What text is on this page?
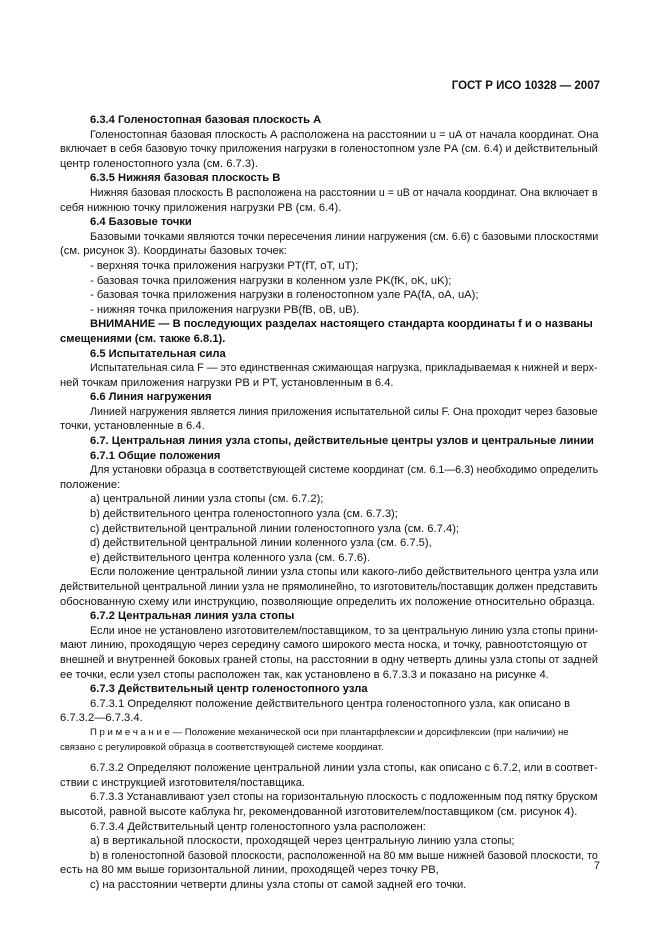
ГОСТ Р ИСО 10328 — 2007
6.3.4 Голеностопная базовая плоскость А
Голеностопная базовая плоскость А расположена на расстоянии u = uА от начала координат. Она
включает в себя базовую точку приложения нагрузки в голеностопном узле PА (см. 6.4) и действительный
центр голеностопного узла (см. 6.7.3).
6.3.5 Нижняя базовая плоскость В
Нижняя базовая плоскость В расположена на расстоянии u = uВ от начала координат. Она включает в
себя нижнюю точку приложения нагрузки PВ (см. 6.4).
6.4 Базовые точки
Базовыми точками являются точки пересечения линии нагружения (см. 6.6) с базовыми плоскостями
(см. рисунок 3). Координаты базовых точек:
- верхняя точка приложения нагрузки PT(fT, oT, uT);
- базовая точка приложения нагрузки в коленном узле PK(fK, oK, uK);
- базовая точка приложения нагрузки в голеностопном узле PA(fA, oA, uA);
- нижняя точка приложения нагрузки PB(fB, oB, uB).
ВНИМАНИЕ — В последующих разделах настоящего стандарта координаты f и o названы
смещениями (см. также 6.8.1).
6.5 Испытательная сила
Испытательная сила F — это единственная сжимающая нагрузка, прикладываемая к нижней и верх-
ней точкам приложения нагрузки PВ и PТ, установленным в 6.4.
6.6 Линия нагружения
Линией нагружения является линия приложения испытательной силы F. Она проходит через базовые
точки, установленные в 6.4.
6.7. Центральная линия узла стопы, действительные центры узлов и центральные линии
6.7.1 Общие положения
Для установки образца в соответствующей системе координат (см. 6.1—6.3) необходимо определить
положение:
a) центральной линии узла стопы (см. 6.7.2);
b) действительного центра голеностопного узла (см. 6.7.3);
c) действительной центральной линии голеностопного узла (см. 6.7.4);
d) действительной центральной линии коленного узла (см. 6.7.5),
e) действительного центра коленного узла (см. 6.7.6).
Если положение центральной линии узла стопы или какого-либо действительного центра узла или
действительной центральной линии узла не прямолинейно, то изготовитель/поставщик должен представить
обоснованную схему или инструкцию, позволяющие определить их положение относительно образца.
6.7.2 Центральная линия узла стопы
Если иное не установлено изготовителем/поставщиком, то за центральную линию узла стопы прини-
мают линию, проходящую через середину самого широкого места носка, и точку, равноотстоящую от
внешней и внутренней боковых граней стопы, на расстоянии в одну четверть длины узла стопы от задней
ее точки, если узел стопы расположен так, как установлено в 6.7.3.3 и показано на рисунке 4.
6.7.3 Действительный центр голеностопного узла
6.7.3.1 Определяют положение действительного центра голеностопного узла, как описано в
6.7.3.2—6.7.3.4.
П р и м е ч а н и е — Положение механической оси при плантарфлексии и дорсифлексии (при наличии) не
связано с регулировкой образца в соответствующей системе координат.
6.7.3.2 Определяют положение центральной линии узла стопы, как описано с 6.7.2, или в соответ-
ствии с инструкцией изготовителя/поставщика.
6.7.3.3 Устанавливают узел стопы на горизонтальную плоскость с подложенным под пятку бруском
высотой, равной высоте каблука hr, рекомендованной изготовителем/поставщиком (см. рисунок 4).
6.7.3.4 Действительный центр голеностопного узла расположен:
a) в вертикальной плоскости, проходящей через центральную линию узла стопы;
b) в голеностопной базовой плоскости, расположенной на 80 мм выше нижней базовой плоскости, то
есть на 80 мм выше горизонтальной линии, проходящей через точку PВ,
c) на расстоянии четверти длины узла стопы от самой задней его точки.
7
